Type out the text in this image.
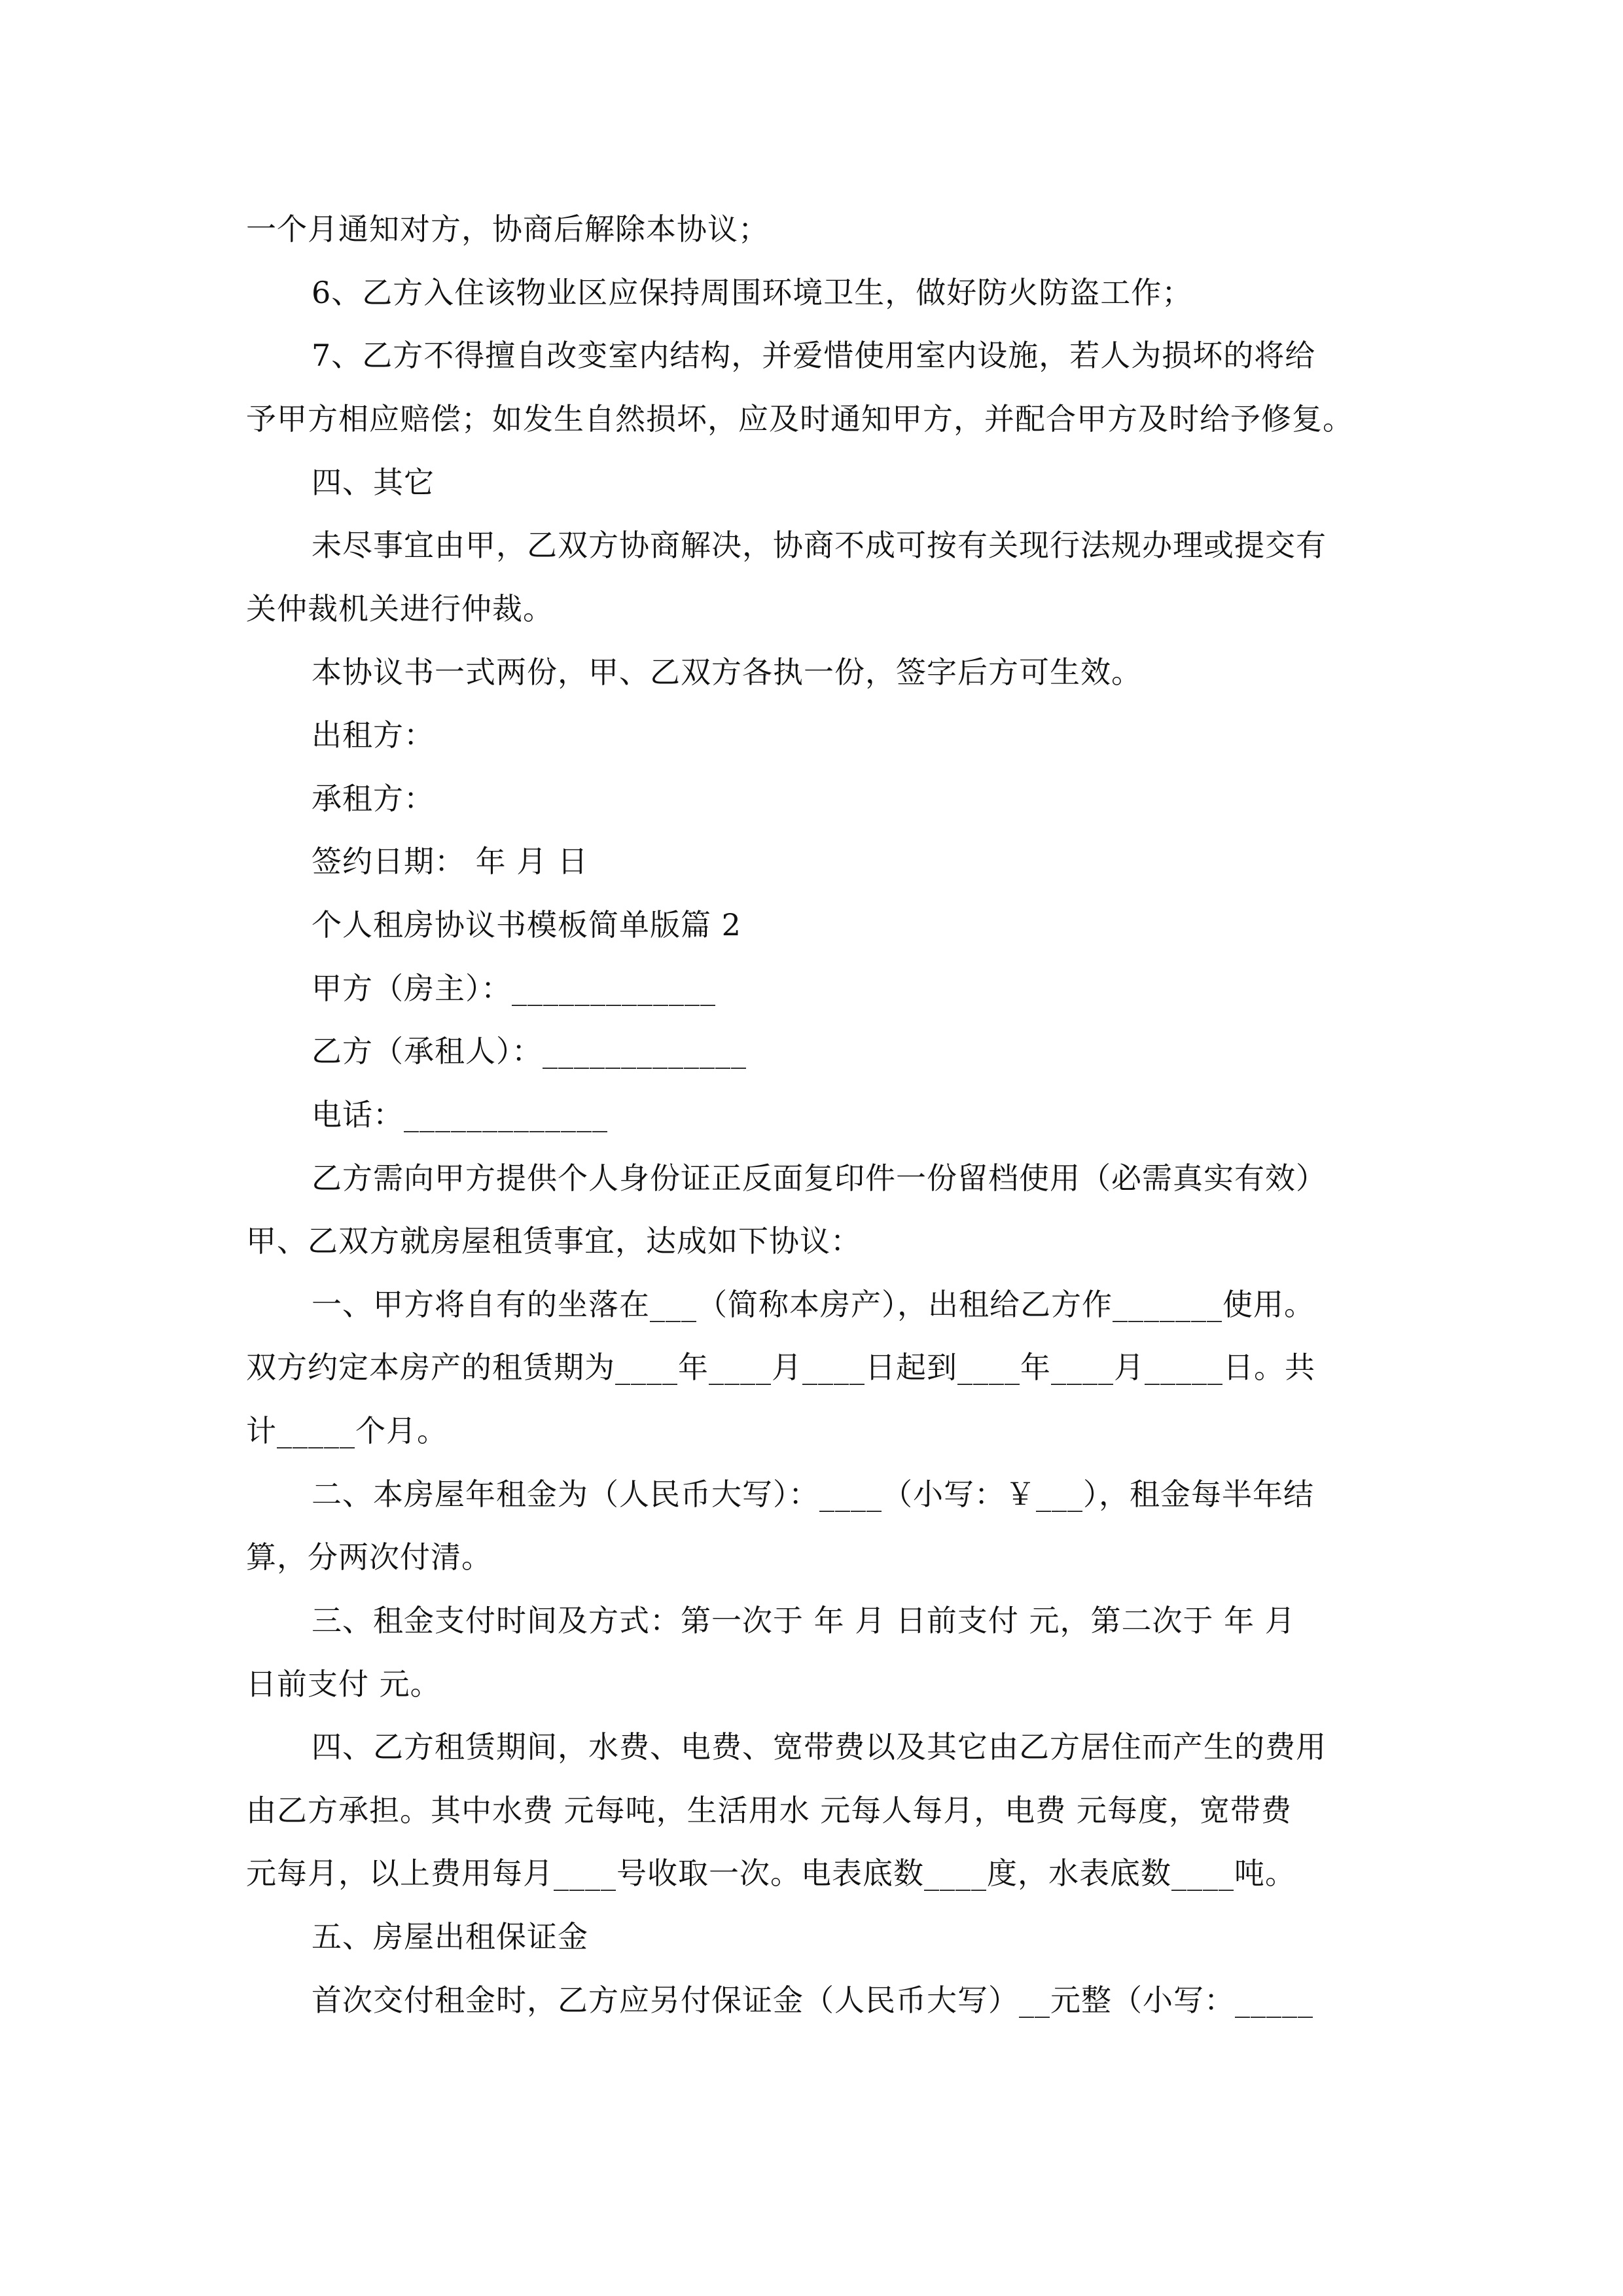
一个月通知对方，协商后解除本协议；
6、乙方入住该物业区应保持周围环境卫生，做好防火防盗工作；
7、乙方不得擅自改变室内结构，并爱惜使用室内设施，若人为损坏的将给
予甲方相应赔偿；如发生自然损坏，应及时通知甲方，并配合甲方及时给予修复。
四、其它
未尽事宜由甲，乙双方协商解决，协商不成可按有关现行法规办理或提交有
关仲裁机关进行仲裁。
本协议书一式两份，甲、乙双方各执一份，签字后方可生效。
出租方：
承租方：
签约日期： 年 月 日
个人租房协议书模板简单版篇 2
甲方（房主）：_____________
乙方（承租人）：_____________
电话：_____________
乙方需向甲方提供个人身份证正反面复印件一份留档使用（必需真实有效）
甲、乙双方就房屋租赁事宜，达成如下协议：
一、甲方将自有的坐落在___（简称本房产），出租给乙方作_______使用。
双方约定本房产的租赁期为____年____月____日起到____年____月_____日。共
计_____个月。
二、本房屋年租金为（人民币大写）：____（小写：￥___），租金每半年结
算，分两次付清。
三、租金支付时间及方式：第一次于 年 月 日前支付 元，第二次于 年 月
日前支付 元。
四、乙方租赁期间，水费、电费、宽带费以及其它由乙方居住而产生的费用
由乙方承担。其中水费 元每吨，生活用水 元每人每月，电费 元每度，宽带费
元每月，以上费用每月____号收取一次。电表底数____度，水表底数____吨。
五、房屋出租保证金
首次交付租金时，乙方应另付保证金（人民币大写）__元整（小写：_____
